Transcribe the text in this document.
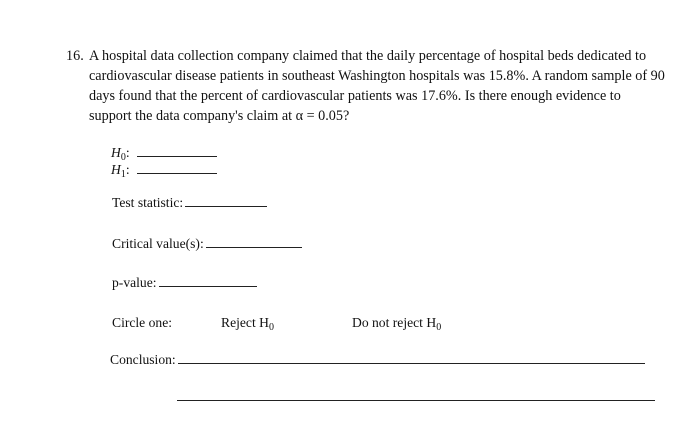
16. A hospital data collection company claimed that the daily percentage of hospital beds dedicated to cardiovascular disease patients in southeast Washington hospitals was 15.8%. A random sample of 90 days found that the percent of cardiovascular patients was 17.6%. Is there enough evidence to support the data company's claim at α = 0.05?
$H_0$:
$H_1$:
Test statistic:
Critical value(s):
p-value:
Circle one:	Reject $H_0$	Do not reject $H_0$
Conclusion:
